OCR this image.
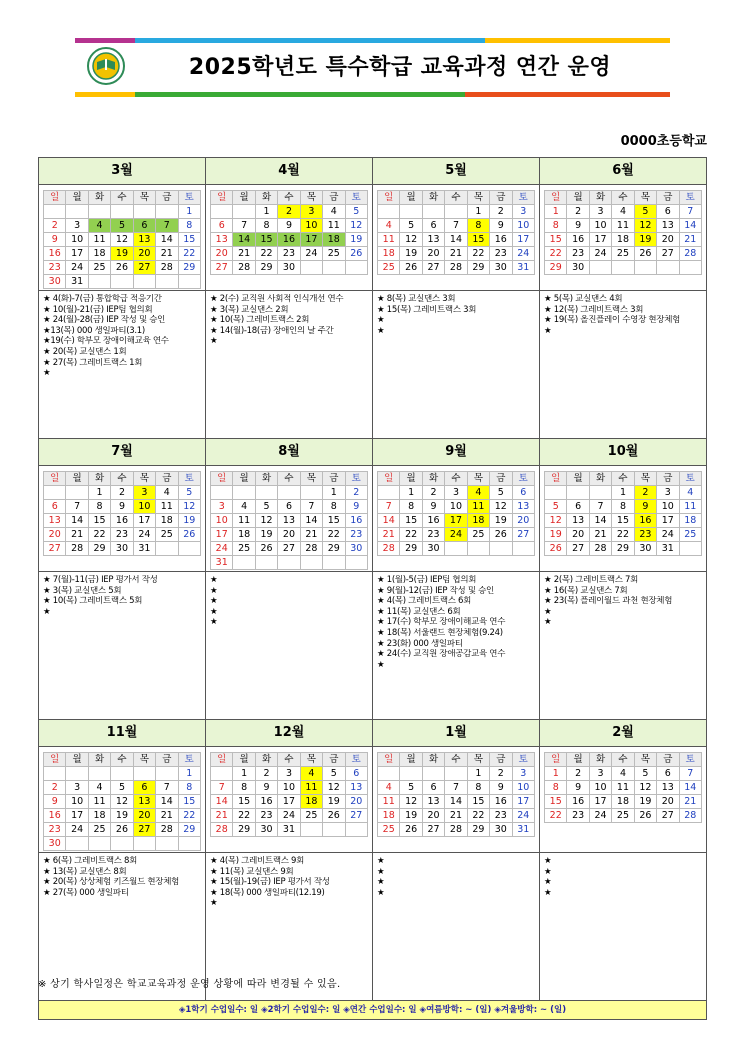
2025학년도 특수학급 교육과정 연간 운영
0000초등학교
3월	4월	5월	6월

일	월	화	수	목	금	토
						1
2	3	4	5	6	7	8
9	10	11	12	13	14	15
16	17	18	19	20	21	22
23	24	25	26	27	28	29
30	31					

일	월	화	수	목	금	토
		1	2	3	4	5
6	7	8	9	10	11	12
13	14	15	16	17	18	19
20	21	22	23	24	25	26
27	28	29	30			

일	월	화	수	목	금	토
				1	2	3
4	5	6	7	8	9	10
11	12	13	14	15	16	17
18	19	20	21	22	23	24
25	26	27	28	29	30	31

일	월	화	수	목	금	토
1	2	3	4	5	6	7
8	9	10	11	12	13	14
15	16	17	18	19	20	21
22	23	24	25	26	27	28
29	30					

★ 4(화)-7(금) 통합학급 적응기간
★ 10(월)-21(금) IEP팀 협의회
★ 24(월)-28(금) IEP 작성 및 승인
★13(목) 000 생일파티(3.1)
★19(수) 학부모 장애이해교육 연수
★ 20(목) 교실댄스 1회
★ 27(목) 그레비트랙스 1회
★

★ 2(수) 교직원 사회적 인식개선 연수
★ 3(목) 교실댄스 2회
★ 10(목) 그레비트랙스 2회
★ 14(월)-18(금) 장애인의 날 주간
★

★ 8(목) 교실댄스 3회
★ 15(목) 그레비트랙스 3회
★
★

★ 5(목) 교실댄스 4회
★ 12(목) 그레비트랙스 3회
★ 19(목) 올진플레이 수영장 현장체험
★

7월	8월	9월	10월

일	월	화	수	목	금	토
		1	2	3	4	5
6	7	8	9	10	11	12
13	14	15	16	17	18	19
20	21	22	23	24	25	26
27	28	29	30	31		

일	월	화	수	목	금	토
					1	2
3	4	5	6	7	8	9
10	11	12	13	14	15	16
17	18	19	20	21	22	23
24	25	26	27	28	29	30
31						

일	월	화	수	목	금	토
	1	2	3	4	5	6
7	8	9	10	11	12	13
14	15	16	17	18	19	20
21	22	23	24	25	26	27
28	29	30				

일	월	화	수	목	금	토
			1	2	3	4
5	6	7	8	9	10	11
12	13	14	15	16	17	18
19	20	21	22	23	24	25
26	27	28	29	30	31	

★ 7(월)-11(금) IEP 평가서 작성
★ 3(목) 교실댄스 5회
★ 10(목) 그레비트랙스 5회
★

★
★
★
★
★

★ 1(월)-5(금) IEP팀 협의회
★ 9(월)-12(금) IEP 작성 및 승인
★ 4(목) 그레비트랙스 6회
★ 11(목) 교실댄스 6회
★ 17(수) 학부모 장애이해교육 연수
★ 18(목) 서울랜드 현장체험(9.24)
★ 23(화) 000 생일파티
★ 24(수) 교직원 장애공감교육 연수
★

★ 2(목) 그레비트랙스 7회
★ 16(목) 교실댄스 7회
★ 23(목) 플레이월드 과천 현장체험
★
★

11월	12월	1월	2월

일	월	화	수	목	금	토
						1
2	3	4	5	6	7	8
9	10	11	12	13	14	15
16	17	18	19	20	21	22
23	24	25	26	27	28	29
30						

일	월	화	수	목	금	토
	1	2	3	4	5	6
7	8	9	10	11	12	13
14	15	16	17	18	19	20
21	22	23	24	25	26	27
28	29	30	31			

일	월	화	수	목	금	토
				1	2	3
4	5	6	7	8	9	10
11	12	13	14	15	16	17
18	19	20	21	22	23	24
25	26	27	28	29	30	31

일	월	화	수	목	금	토
1	2	3	4	5	6	7
8	9	10	11	12	13	14
15	16	17	18	19	20	21
22	23	24	25	26	27	28

★ 6(목) 그레비트랙스 8회
★ 13(목) 교실댄스 8회
★ 20(목) 상상체험 키즈월드 현장체험
★ 27(목) 000 생일파티

★ 4(목) 그레비트랙스 9회
★ 11(목) 교실댄스 9회
★ 15(월)-19(금) IEP 평가서 작성
★ 18(목) 000 생일파티(12.19)
★

★
★
★
★

★
★
★
★

◈1학기 수업일수: 일 ◈2학기 수업일수: 일 ◈연간 수업일수: 일 ◈여름방학: ~ (일) ◈겨울방학: ~ (일)
※ 상기 학사일정은 학교교육과정 운영 상황에 따라 변경될 수 있음.
